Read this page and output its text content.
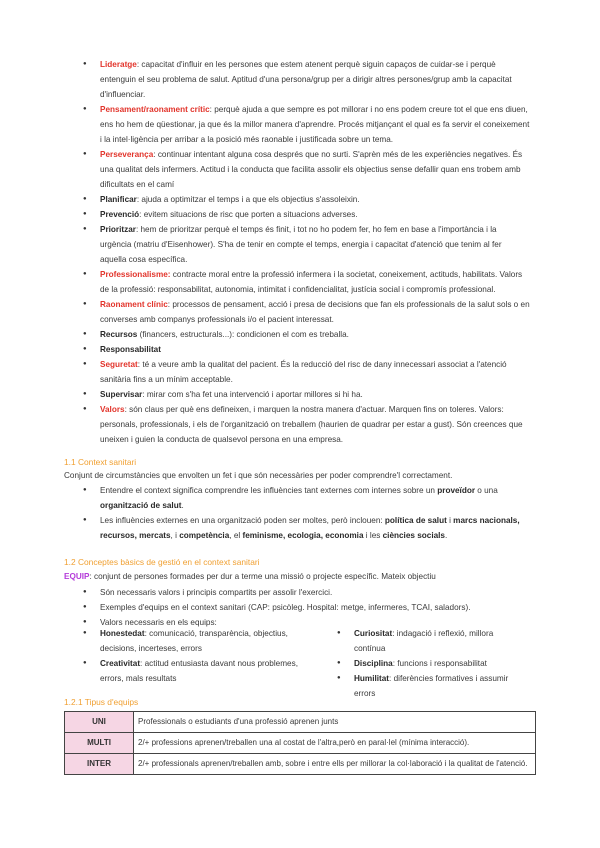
● Lideratge: capacitat d'influir en les persones que estem atenent perquè siguin capaços de cuidar-se i perquè entenguin el seu problema de salut. Aptitud d'una persona/grup per a dirigir altres persones/grup amb la capacitat d'influenciar.
● Pensament/raonament crític: perquè ajuda a que sempre es pot millorar i no ens podem creure tot el que ens diuen, ens ho hem de qüestionar, ja que és la millor manera d'aprendre. Procés mitjançant el qual es fa servir el coneixement i la intel·ligència per arribar a la posició més raonable i justificada sobre un tema.
● Perseverança: continuar intentant alguna cosa després que no surti. S'aprèn més de les experiències negatives. És una qualitat dels infermers. Actitud i la conducta que facilita assolir els objectius sense defallir quan ens trobem amb dificultats en el camí
● Planificar: ajuda a optimitzar el temps i a que els objectius s'assoleixin.
● Prevenció: evitem situacions de risc que porten a situacions adverses.
● Prioritzar: hem de prioritzar perquè el temps és finit, i tot no ho podem fer, ho fem en base a l'importància i la urgència (matriu d'Eisenhower). S'ha de tenir en compte el temps, energia i capacitat d'atenció que tenim al fer aquella cosa específica.
● Professionalisme: contracte moral entre la professió infermera i la societat, coneixement, actituds, habilitats. Valors de la professió: responsabilitat, autonomia, intimitat i confidencialitat, justícia social i compromís professional.
● Raonament clínic: processos de pensament, acció i presa de decisions que fan els professionals de la salut sols o en converses amb companys professionals i/o el pacient interessat.
● Recursos (financers, estructurals...): condicionen el com es treballa.
● Responsabilitat
● Seguretat: té a veure amb la qualitat del pacient. És la reducció del risc de dany innecessari associat a l'atenció sanitària fins a un mínim acceptable.
● Supervisar: mirar com s'ha fet una intervenció i aportar millores si hi ha.
● Valors: són claus per què ens defineixen, i marquen la nostra manera d'actuar. Marquen fins on toleres. Valors: personals, professionals, i els de l'organització on treballem (haurien de quadrar per estar a gust). Són creences que uneixen i guien la conducta de qualsevol persona en una empresa.
1.1 Context sanitari
Conjunt de circumstàncies que envolten un fet i que són necessàries per poder comprendre'l correctament.
● Entendre el context significa comprendre les influències tant externes com internes sobre un proveïdor o una organització de salut.
● Les influències externes en una organització poden ser moltes, però inclouen: política de salut i marcs nacionals, recursos, mercats, i competència, el feminisme, ecologia, economia i les ciències socials.
1.2 Conceptes bàsics de gestió en el context sanitari
EQUIP: conjunt de persones formades per dur a terme una missió o projecte específic. Mateix objectiu
● Són necessaris valors i principis compartits per assolir l'exercici.
● Exemples d'equips en el context sanitari (CAP: psicòleg. Hospital: metge, infermeres, TCAI, saladors).
● Valors necessaris en els equips:
● Honestedat: comunicació, transparència, objectius, decisions, incerteses, errors
● Creativitat: actitud entusiasta davant nous problemes, errors, mals resultats
● Curiositat: indagació i reflexió, millora contínua
● Disciplina: funcions i responsabilitat
● Humilitat: diferències formatives i assumir errors
1.2.1 Tipus d'equips
UNI	Professionals o estudiants d'una professió aprenen junts
MULTI	2/+ professions aprenen/treballen una al costat de l'altra,però en paral·lel (mínima interacció).
INTER	2/+ professionals aprenen/treballen amb, sobre i entre ells per millorar la col·laboració i la qualitat de l'atenció.
